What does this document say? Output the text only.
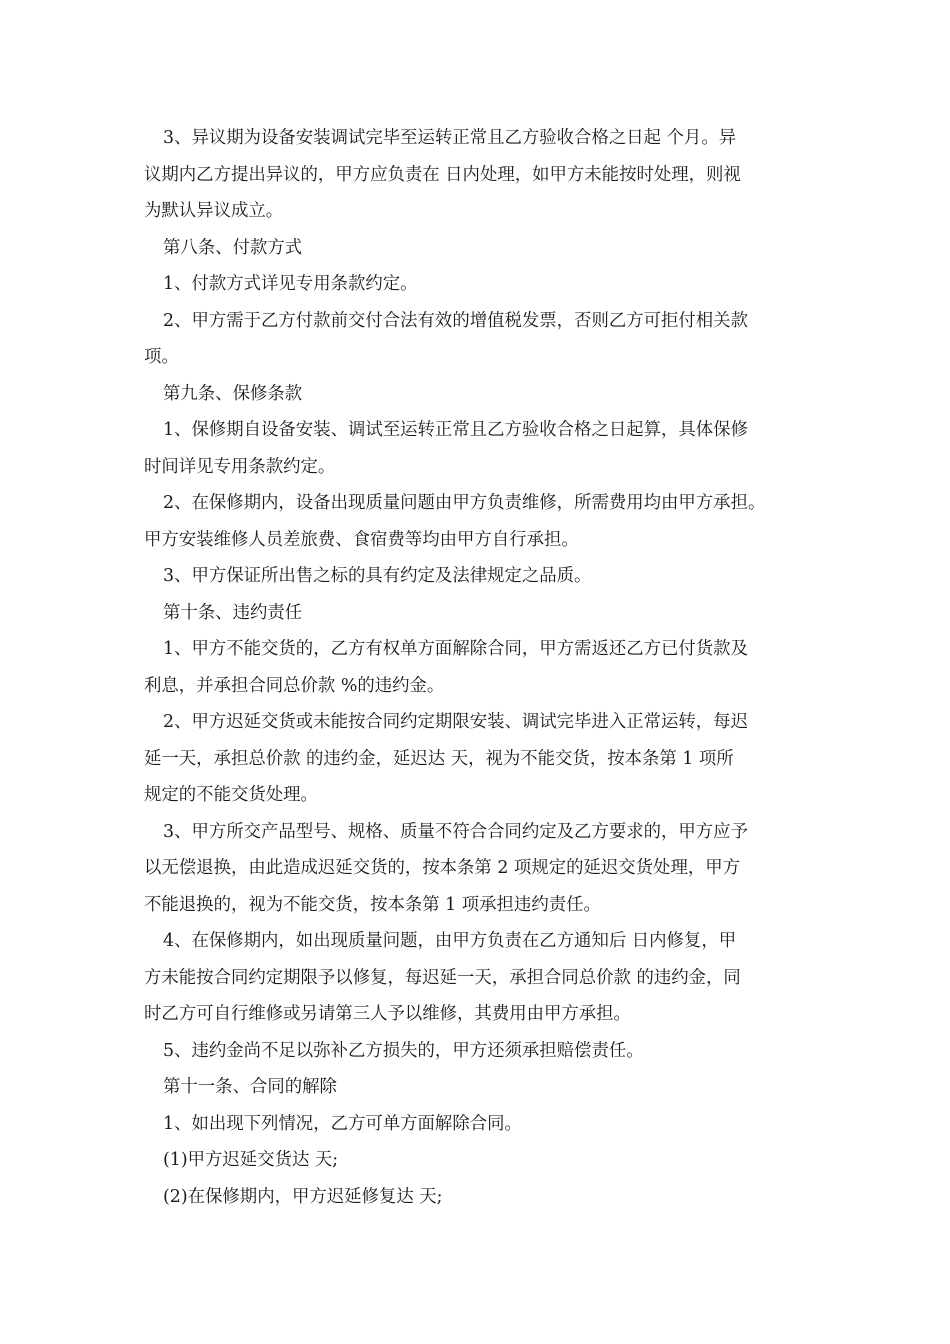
3、异议期为设备安装调试完毕至运转正常且乙方验收合格之日起 个月。异

议期内乙方提出异议的，甲方应负责在 日内处理，如甲方未能按时处理，则视

为默认异议成立。

第八条、付款方式

1、付款方式详见专用条款约定。

2、甲方需于乙方付款前交付合法有效的增值税发票，否则乙方可拒付相关款

项。

第九条、保修条款

1、保修期自设备安装、调试至运转正常且乙方验收合格之日起算，具体保修

时间详见专用条款约定。

2、在保修期内，设备出现质量问题由甲方负责维修，所需费用均由甲方承担。

甲方安装维修人员差旅费、食宿费等均由甲方自行承担。

3、甲方保证所出售之标的具有约定及法律规定之品质。

第十条、违约责任

1、甲方不能交货的，乙方有权单方面解除合同，甲方需返还乙方已付货款及

利息，并承担合同总价款 %的违约金。

2、甲方迟延交货或未能按合同约定期限安装、调试完毕进入正常运转，每迟

延一天，承担总价款 的违约金，延迟达 天，视为不能交货，按本条第 1 项所

规定的不能交货处理。

3、甲方所交产品型号、规格、质量不符合合同约定及乙方要求的，甲方应予

以无偿退换，由此造成迟延交货的，按本条第 2 项规定的延迟交货处理，甲方

不能退换的，视为不能交货，按本条第 1 项承担违约责任。

4、在保修期内，如出现质量问题，由甲方负责在乙方通知后 日内修复，甲

方未能按合同约定期限予以修复，每迟延一天，承担合同总价款 的违约金，同

时乙方可自行维修或另请第三人予以维修，其费用由甲方承担。

5、违约金尚不足以弥补乙方损失的，甲方还须承担赔偿责任。

第十一条、合同的解除

1、如出现下列情况，乙方可单方面解除合同。

(1)甲方迟延交货达 天;

(2)在保修期内，甲方迟延修复达 天;
